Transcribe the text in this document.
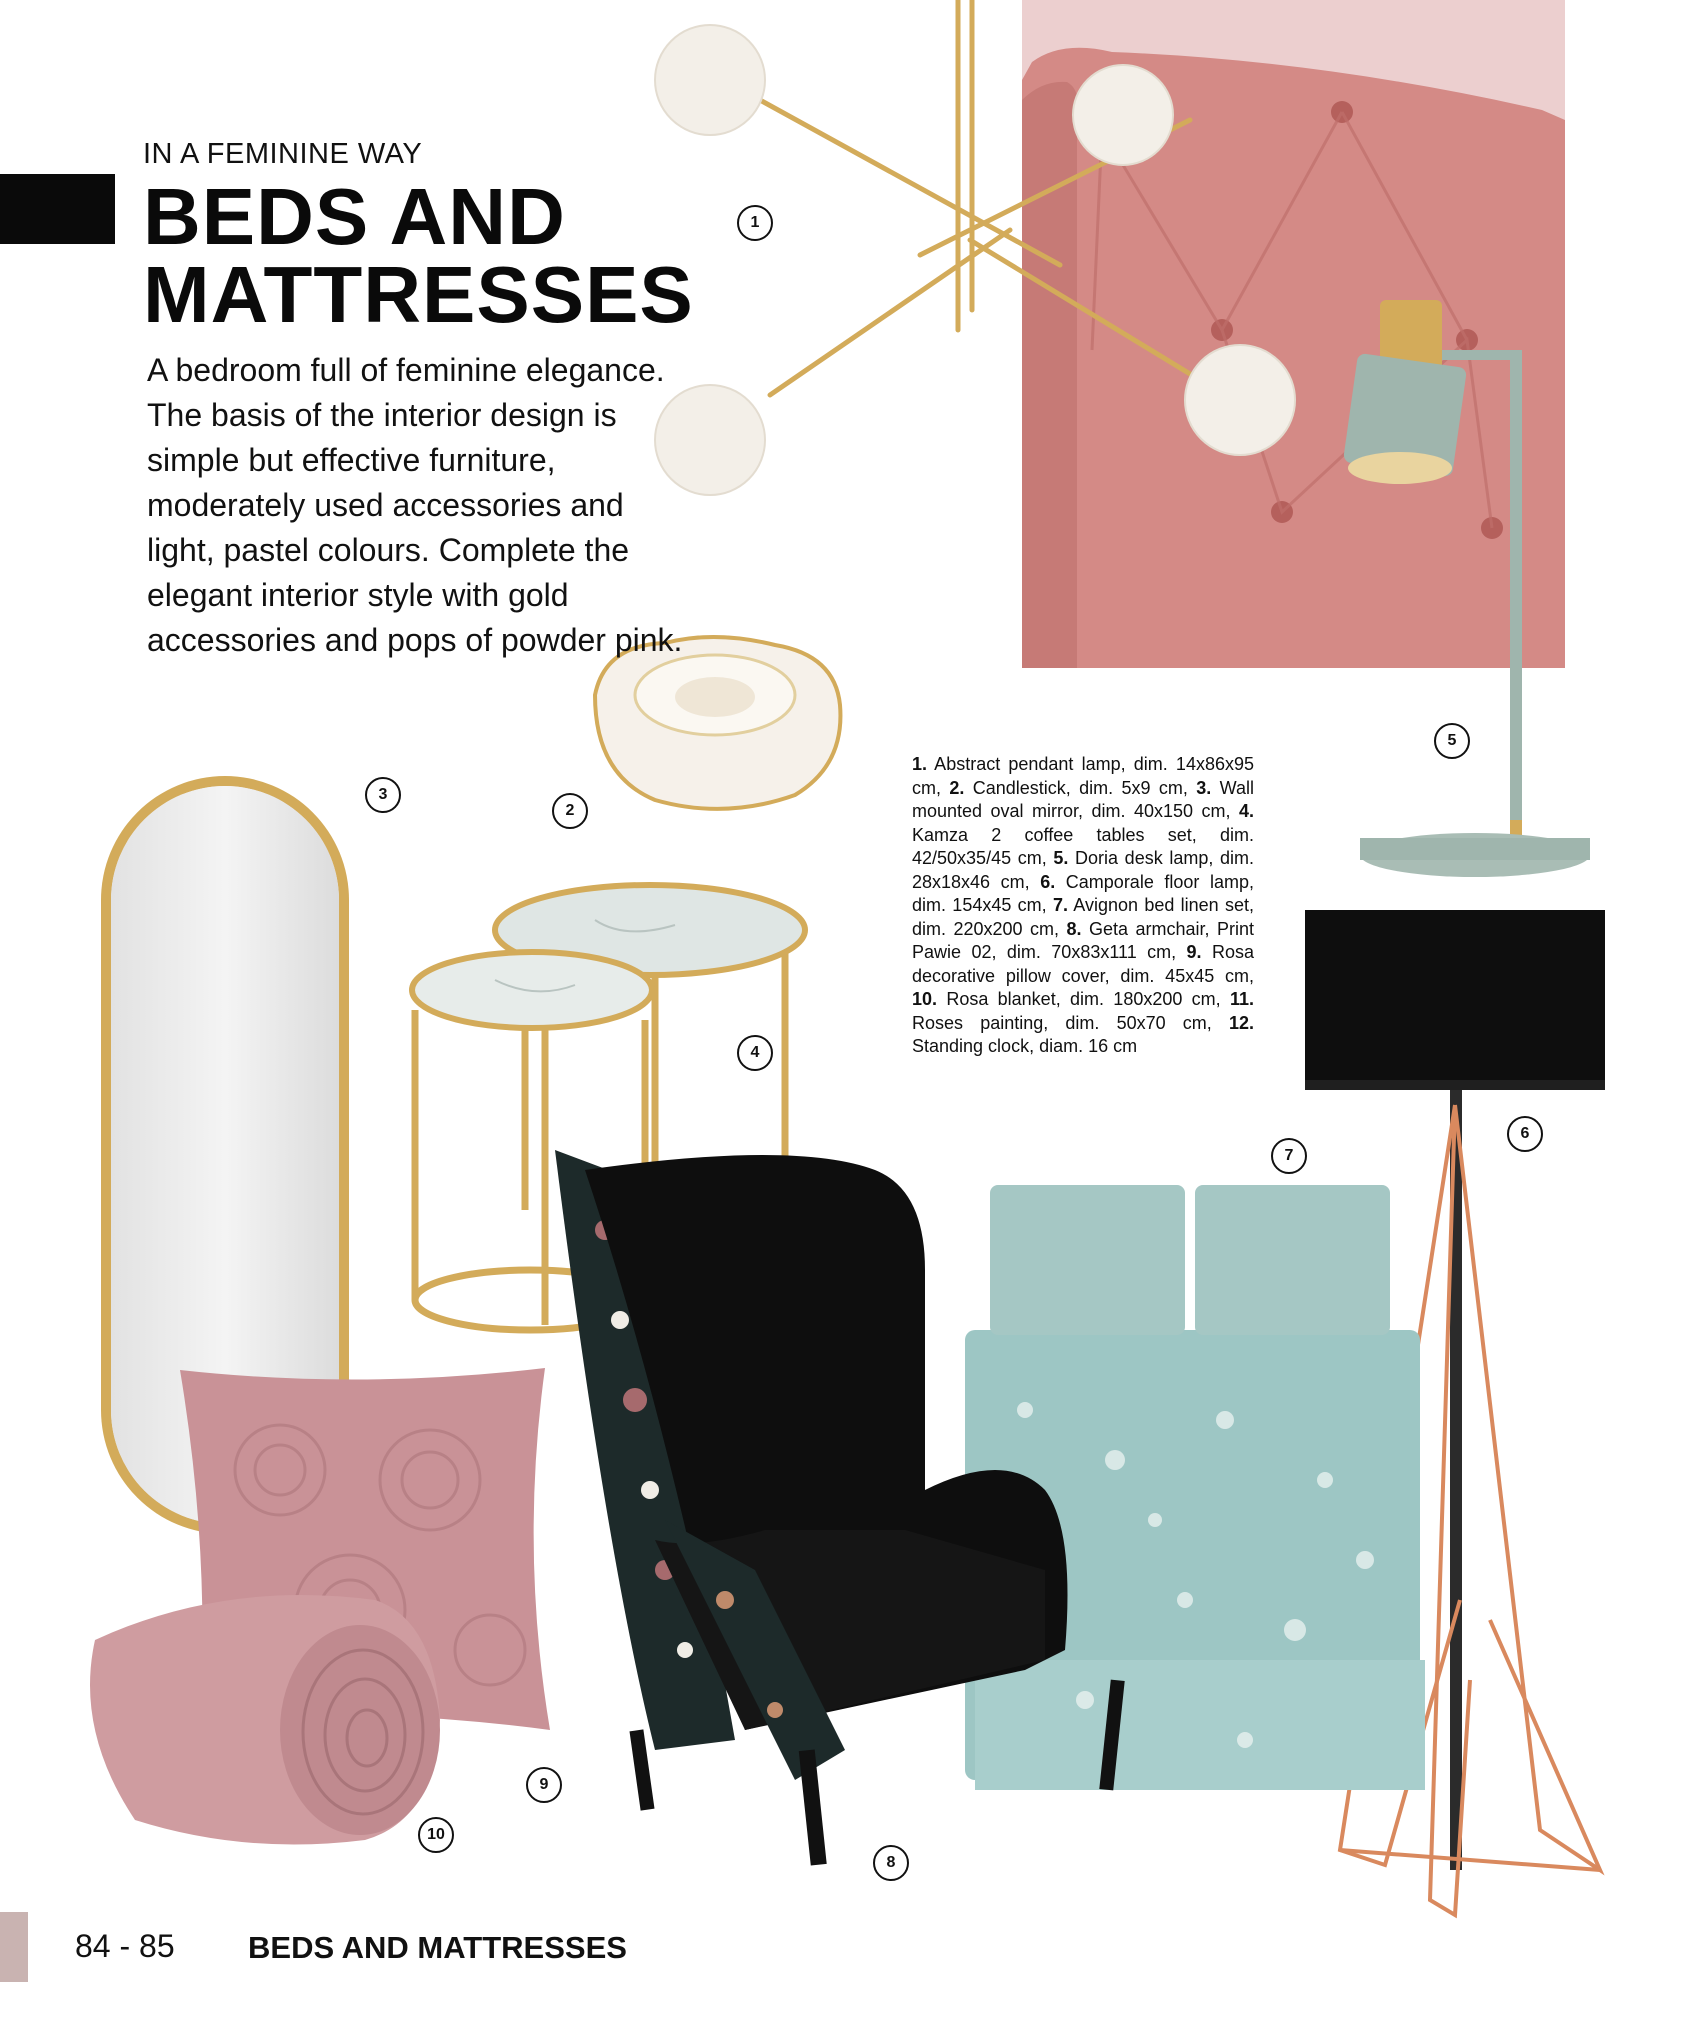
IN A FEMININE WAY
BEDS AND
MATTRESSES
A bedroom full of feminine elegance. The basis of the interior design is simple but effective furniture, moderately used accessories and light, pastel colours. Complete the elegant interior style with gold accessories and pops of powder pink.
1. Abstract pendant lamp, dim. 14x86x95 cm, 2. Candlestick, dim. 5x9 cm, 3. Wall mounted oval mirror, dim. 40x150 cm, 4. Kamza 2 coffee tables set, dim. 42/50x35/45 cm, 5. Doria desk lamp, dim. 28x18x46 cm, 6. Camporale floor lamp, dim. 154x45 cm, 7. Avignon bed linen set, dim. 220x200 cm, 8. Geta armchair, Print Pawie 02, dim. 70x83x111 cm, 9. Rosa decorative pillow cover, dim. 45x45 cm, 10. Rosa blanket, dim. 180x200 cm, 11. Roses painting, dim. 50x70 cm, 12. Standing clock, diam. 16 cm
1
2
3
4
5
6
7
8
9
10
84 - 85 BEDS AND MATTRESSES
